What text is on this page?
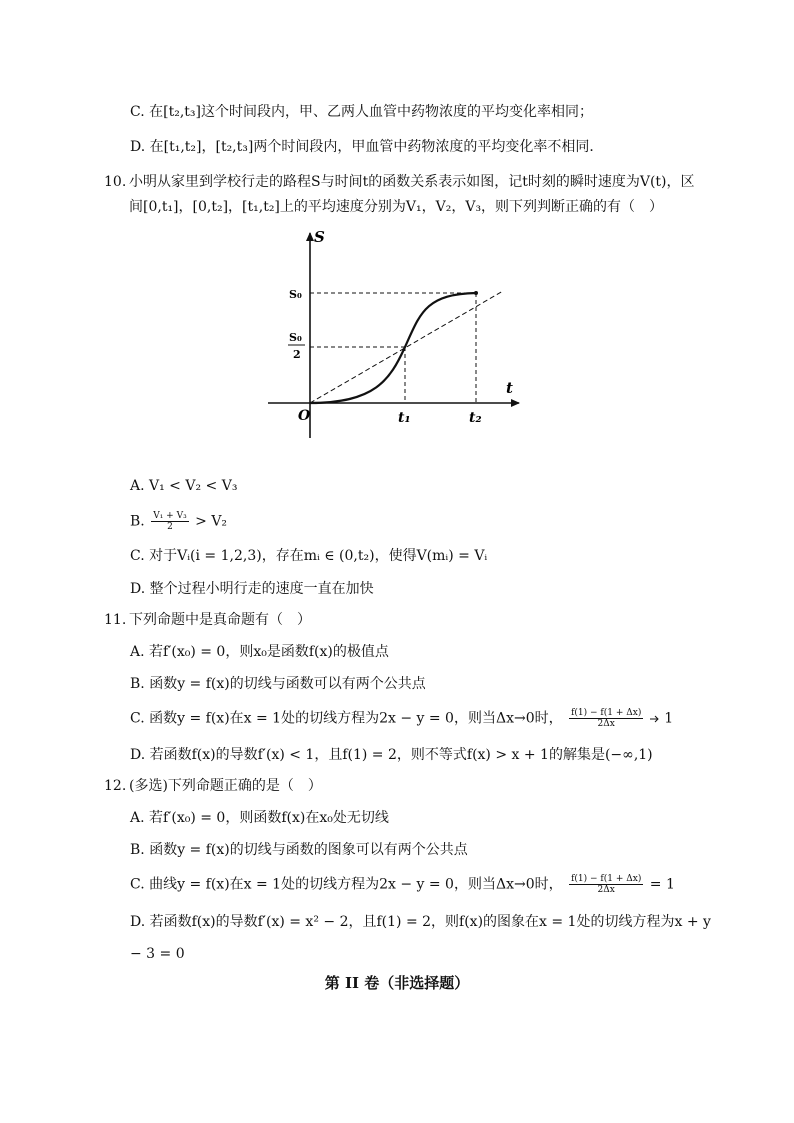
C. 在[t₂,t₃]这个时间段内，甲、乙两人血管中药物浓度的平均变化率相同；
D. 在[t₁,t₂]，[t₂,t₃]两个时间段内，甲血管中药物浓度的平均变化率不相同．
10. 小明从家里到学校行走的路程S与时间t的函数关系表示如图，记t时刻的瞬时速度为V(t)，区
间[0,t₁]，[0,t₂]，[t₁,t₂]上的平均速度分别为V₁，V₂，V₃，则下列判断正确的有（　）
S
t
O
S₀
S₀
2
t₁	t₂
A. V₁ < V₂ < V₃
B. $\frac{\text{V₁ + V₃}}{2} > V_2$
C. 对于Vᵢ(i = 1,2,3)，存在mᵢ ∈ (0,t₂)，使得V(mᵢ) = Vᵢ
D. 整个过程小明行走的速度一直在加快
11. 下列命题中是真命题有（　）
A. 若f′(x₀) = 0，则x₀是函数f(x)的极值点
B. 函数y = f(x)的切线与函数可以有两个公共点
C. 函数y = f(x)在x = 1处的切线方程为2x − y = 0，则当Δx→0时， $\frac{f(1) - f(1 + \Delta x)}{2\Delta x} 1$
D. 若函数f(x)的导数f′(x) < 1，且f(1) = 2，则不等式f(x) > x + 1的解集是(−∞,1)
12. (多选)下列命题正确的是（　）
A. 若f′(x₀) = 0，则函数f(x)在x₀处无切线
B. 函数y = f(x)的切线与函数的图象可以有两个公共点
C. 曲线y = f(x)在x = 1处的切线方程为2x − y = 0，则当Δx→0时， $\frac{f(1) - f(1 + \Delta x)}{2\Delta x} = 1$
D. 若函数f(x)的导数f′(x) = x² − 2，且f(1) = 2，则f(x)的图象在x = 1处的切线方程为x + y
− 3 = 0
第 II 卷（非选择题）
